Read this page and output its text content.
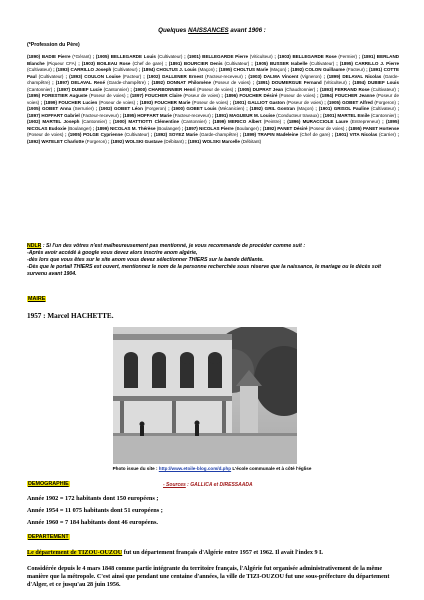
Quelques NAISSANCES avant 1906 :
(*Profession du Père)
(1890) BADIE Pierre (*Gérant) ; (1905) BELLEGARDE Louis (Cultivateur) ; (1901) BELLEGARDE Pierre (Viticulteur) ; (1903) BELLEGARDE Rose (Fermier) ; (1891) BERLAND Blanche (Piqueur CFA) ; (1903) BOILEAU Rose (Chef de gare) ; (1891) BOURCIER Denis (Cultivateur) ; (1905) BUSSER Isabelle (Cultivateur) ; (1895) CARRILLO J. Pierre (Cultivateur) ; (1893) CARRILLO Joseph (Cultivateur) ; (1894) CHOLTUS J. Louis (Maçon) ; (1895) CHOLTUS Marie (Maçon) ; (1892) COLON Guillaume (Facteur) ; (1891) COTTE Paul (Cultivateur) ; (1893) COULON Louise (Facteur) ; (1902) DALLENER Ernest (Facteur-receveur) ; (1903) DALMA Vincent (Vigneron) ; (1899) DELAVAL Nicolas (Garde-champêtre) ; (1897) DELAVAL René (Garde-champêtre) ; (1892) DONNAT Philomène (Poseur de voies) ; (1891) DOUMERGUE Fernand (Viticulteur) ; (1894) DUBIEF Louis (Cantonnier) ; (1897) DUBIEF Lucie (Cantonnier) ; (1900) CHARBONNIER Henri (Poseur de voies) ; (1905) DUPRAT Jean (Chaudronnier) ; (1893) FERRAND Rose (Cultivateur) ; (1895) FORESTIER Auguste (Poseur de voies) ; (1897) FOUCHER Claire (Poseur de voies) ; (1896) FOUCHER Désiré (Poseur de voies) ; (1894) FOUCHER Jeanne (Poseur de voies) ; (1899) FOUCHER Lucien (Poseur de voies) ; (1893) FOUCHER Marie (Poseur de voies) ; (1901) GALLIOT Gaston (Poseur de voies) ; (1905) GOBET Alfred (Forgeron) ; (1905) GOBET Anna (Serrurier) ; (1902) GOBET Léon (Forgeron) ; (1900) GOBET Louis (Mécanicien) ; (1892) GRIL Gontran (Maçon) ; (1901) GRISOL Pauline (Cultivateur) ; (1897) HOFFART Gabriel (Facteur-receveur) ; (1895) HOFFART Marie (Facteur-receveur) ; (1891) MAGUEUR M. Louise (Conducteur travaux) ; (1901) MARTEL Emile (Cantonnier) ; (1902) MARTEL Joseph (Cantonnier) ; (1900) MATTIOTTI Clémentine (Cantonnier) ; (1899) MERICO Albert (Peintre) ; (1896) MURACCIOLE Laure (Entrepreneur) ; (1895) NICOLAS Eudoxie (Boulanger) ; (1899) NICOLAS M. Thérèse (Boulanger) ; (1897) NICOLAS Pierre (Boulanger) ; (1892) PANET Désiré (Poseur de voies) ; (1895) PANET Hortense (Poseur de voies) ; (1905) POLGE Cyprienne (Cultivateur) ; (1892) SOYEZ Marie (Garde-champêtre) ; (1899) TRAPIN Madeleine (Chef de gare) ; (1901) VITA Nicolas (Carrier) ; (1892) WATELET Charlotte (Forgeron) ; (1892) WOLSKI Gustave (Débitant) ; (1891) WOLSKI Marcelle (Débitant)
NDLR : Si l'un des vôtres n'est malheureusement pas mentionné, je vous recommande de procéder comme suit :
-Après avoir accédé à google vous devez alors inscrire anom algérie,
-dès lors que vous êtes sur le site anom vous devez sélectionner THIERS sur la bande défilante.
-Dès que le portail THIERS est ouvert, mentionnez le nom de la personne recherchée sous réserve que la naissance, le mariage ou le décès soit survenu avant 1904.
MAIRE
1957 : Marcel HACHETTE.
Photo issue du site : http://www.etoile-blog.com/d.php L'école communale et à côté l'église
DEMOGRAPHIE	- Sources : GALLICA et DIRESSAADA
Année 1902 = 172 habitants dont 150 européens ;
Année 1954 = 11 075 habitants dont 51 européens ;
Année 1960 = 7 184 habitants dont 46 européens.
DEPARTEMENT
Le département de TIZOU-OUZOU fut un département français d'Algérie entre 1957 et 1962. Il avait l'index 9 L
Considérée depuis le 4 mars 1848 comme partie intégrante du territoire français, l'Algérie fut organisée administrativement de la même manière que la métropole. C'est ainsi que pendant une centaine d'années, la ville de TIZI-OUZOU fut une sous-préfecture du département d'Alger, et ce jusqu'au 28 juin 1956.
